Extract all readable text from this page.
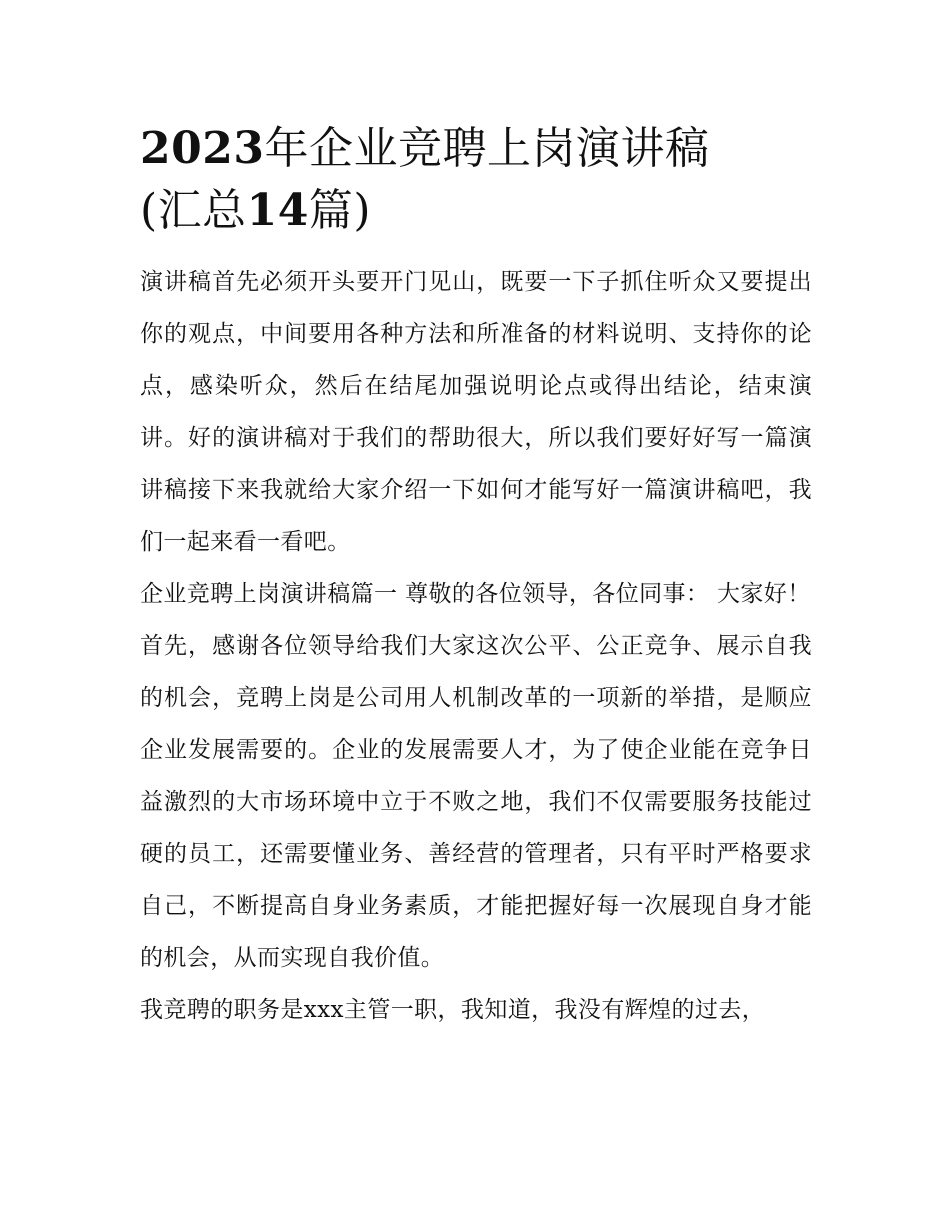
2023年企业竞聘上岗演讲稿
(汇总14篇)

演讲稿首先必须开头要开门见山，既要一下子抓住听众又要提出你的观点，中间要用各种方法和所准备的材料说明、支持你的论点，感染听众，然后在结尾加强说明论点或得出结论，结束演讲。好的演讲稿对于我们的帮助很大，所以我们要好好写一篇演讲稿接下来我就给大家介绍一下如何才能写好一篇演讲稿吧，我们一起来看一看吧。

企业竞聘上岗演讲稿篇一 尊敬的各位领导，各位同事： 大家好！

首先，感谢各位领导给我们大家这次公平、公正竞争、展示自我的机会，竞聘上岗是公司用人机制改革的一项新的举措，是顺应企业发展需要的。企业的发展需要人才，为了使企业能在竞争日益激烈的大市场环境中立于不败之地，我们不仅需要服务技能过硬的员工，还需要懂业务、善经营的管理者，只有平时严格要求自己，不断提高自身业务素质，才能把握好每一次展现自身才能的机会，从而实现自我价值。

我竞聘的职务是xxx主管一职，我知道，我没有辉煌的过去，
